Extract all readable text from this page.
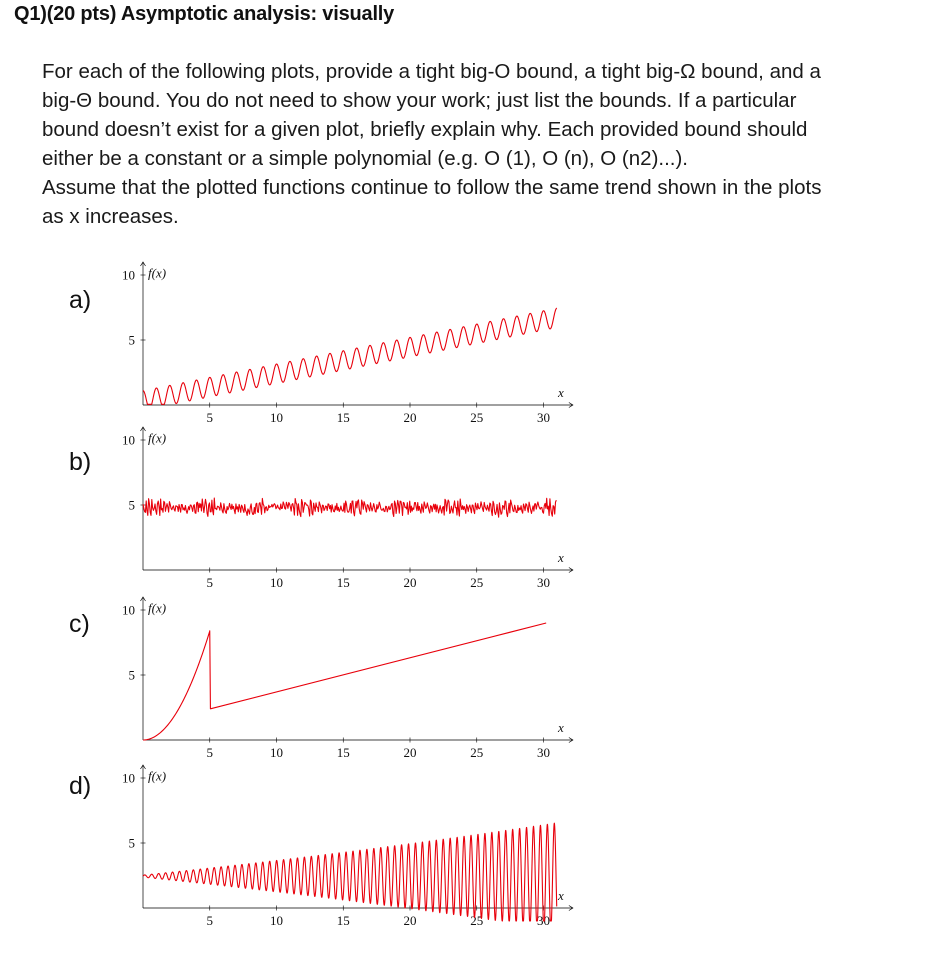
Q1)(20 pts) Asymptotic analysis: visually
For each of the following plots, provide a tight big-O bound, a tight big-Ω bound, and a
big-Θ bound. You do not need to show your work; just list the bounds. If a particular
bound doesn’t exist for a given plot, briefly explain why. Each provided bound should
either be a constant or a simple polynomial (e.g. O (1), O (n), O (n2)...).
Assume that the plotted functions continue to follow the same trend shown in the plots
as x increases.
a)
b)
c)
d)
5	10	15	20	25	30
5
10 f(x)
x
5	10	15	20	25	30
5
10 f(x)
x
5	10	15	20	25	30
5
10 f(x)
x
5	10	15	20	25	30
5
10 f(x)
x
